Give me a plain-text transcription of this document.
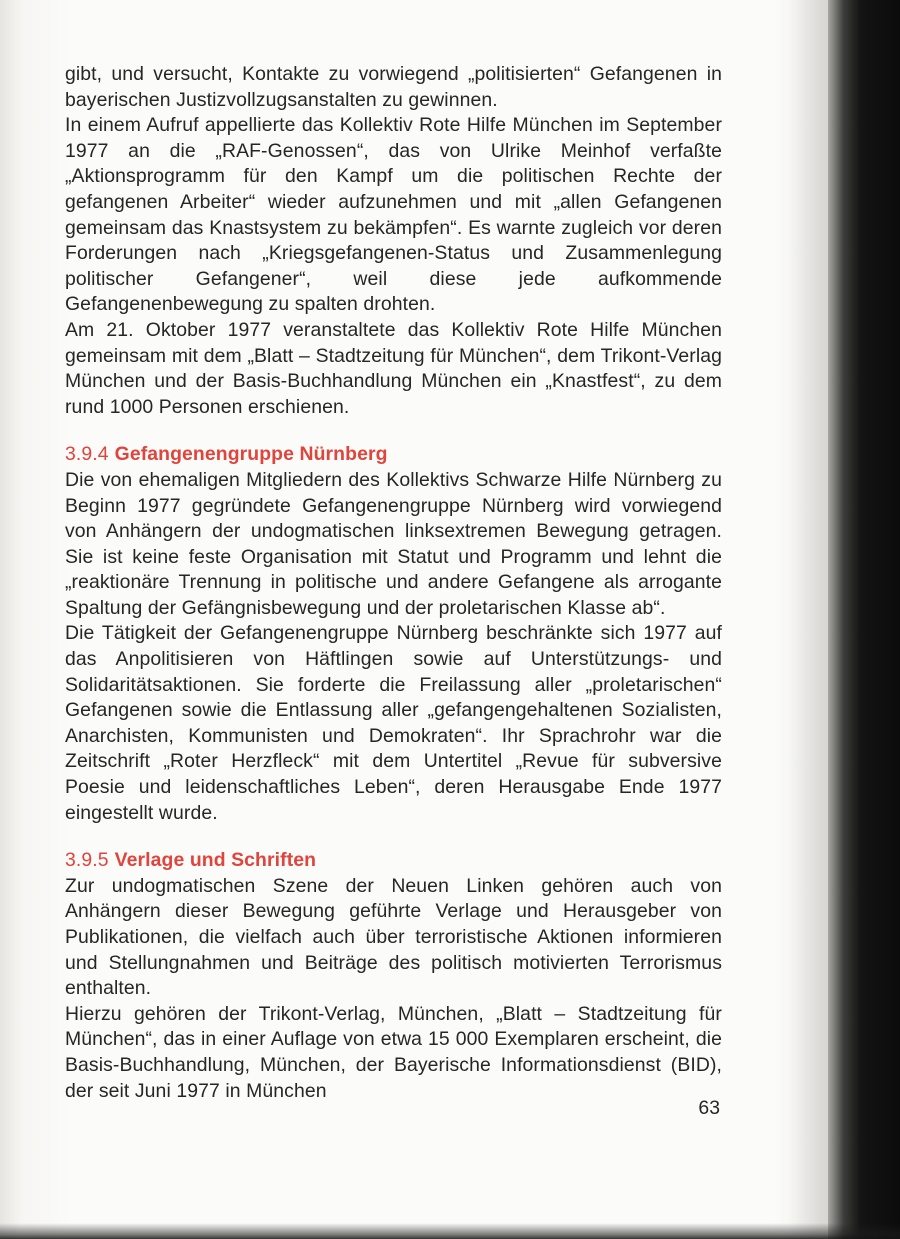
gibt, und versucht, Kontakte zu vorwiegend „politisierten“ Gefangenen in bayerischen Justizvollzugsanstalten zu gewinnen.

In einem Aufruf appellierte das Kollektiv Rote Hilfe München im September 1977 an die „RAF-Genossen“, das von Ulrike Meinhof verfaßte „Aktionsprogramm für den Kampf um die politischen Rechte der gefangenen Arbeiter“ wieder aufzunehmen und mit „allen Gefangenen gemeinsam das Knastsystem zu bekämpfen“. Es warnte zugleich vor deren Forderungen nach „Kriegsgefangenen-Status und Zusammenlegung politischer Gefangener“, weil diese jede aufkommende Gefangenenbewegung zu spalten drohten.

Am 21. Oktober 1977 veranstaltete das Kollektiv Rote Hilfe München gemeinsam mit dem „Blatt – Stadtzeitung für München“, dem Trikont-Verlag München und der Basis-Buchhandlung München ein „Knastfest“, zu dem rund 1000 Personen erschienen.

3.9.4 Gefangenengruppe Nürnberg

Die von ehemaligen Mitgliedern des Kollektivs Schwarze Hilfe Nürnberg zu Beginn 1977 gegründete Gefangenengruppe Nürnberg wird vorwiegend von Anhängern der undogmatischen linksextremen Bewegung getragen. Sie ist keine feste Organisation mit Statut und Programm und lehnt die „reaktionäre Trennung in politische und andere Gefangene als arrogante Spaltung der Gefängnisbewegung und der proletarischen Klasse ab“.

Die Tätigkeit der Gefangenengruppe Nürnberg beschränkte sich 1977 auf das Anpolitisieren von Häftlingen sowie auf Unterstützungs- und Solidaritätsaktionen. Sie forderte die Freilassung aller „proletarischen“ Gefangenen sowie die Entlassung aller „gefangengehaltenen Sozialisten, Anarchisten, Kommunisten und Demokraten“. Ihr Sprachrohr war die Zeitschrift „Roter Herzfleck“ mit dem Untertitel „Revue für subversive Poesie und leidenschaftliches Leben“, deren Herausgabe Ende 1977 eingestellt wurde.

3.9.5 Verlage und Schriften

Zur undogmatischen Szene der Neuen Linken gehören auch von Anhängern dieser Bewegung geführte Verlage und Herausgeber von Publikationen, die vielfach auch über terroristische Aktionen informieren und Stellungnahmen und Beiträge des politisch motivierten Terrorismus enthalten.

Hierzu gehören der Trikont-Verlag, München, „Blatt – Stadtzeitung für München“, das in einer Auflage von etwa 15 000 Exemplaren erscheint, die Basis-Buchhandlung, München, der Bayerische Informationsdienst (BID), der seit Juni 1977 in München

63
